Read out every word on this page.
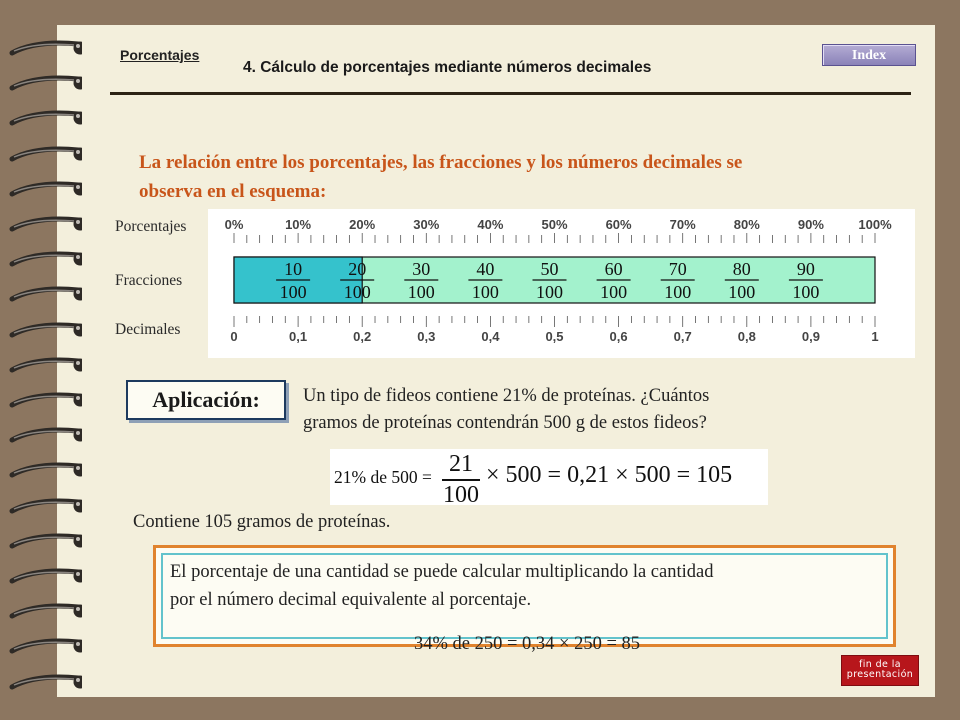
Porcentajes
4. Cálculo de porcentajes mediante números decimales
Index
La relación entre los porcentajes, las fracciones y los números decimales se
observa en el esquema:
Porcentajes
Fracciones
Decimales
0%	10%	20%	30%	40%	50%	60%	70%	80%	90%	100%
0	0,1	0,2	0,3	0,4	0,5	0,6	0,7	0,8	0,9	1
10
100
20
100
30
100
40
100
50
100
60
100
70
100
80
100
90
100
Aplicación:	Un tipo de fideos contiene 21% de proteínas. ¿Cuántos
gramos de proteínas contendrán 500 g de estos fideos?
21% de 500 = 21
100
× 500 = 0,21 × 500 = 105
Contiene 105 gramos de proteínas.
El porcentaje de una cantidad se puede calcular multiplicando la cantidad
por el número decimal equivalente al porcentaje.
34% de 250 = 0,34 × 250 = 85
fin de la
presentación
